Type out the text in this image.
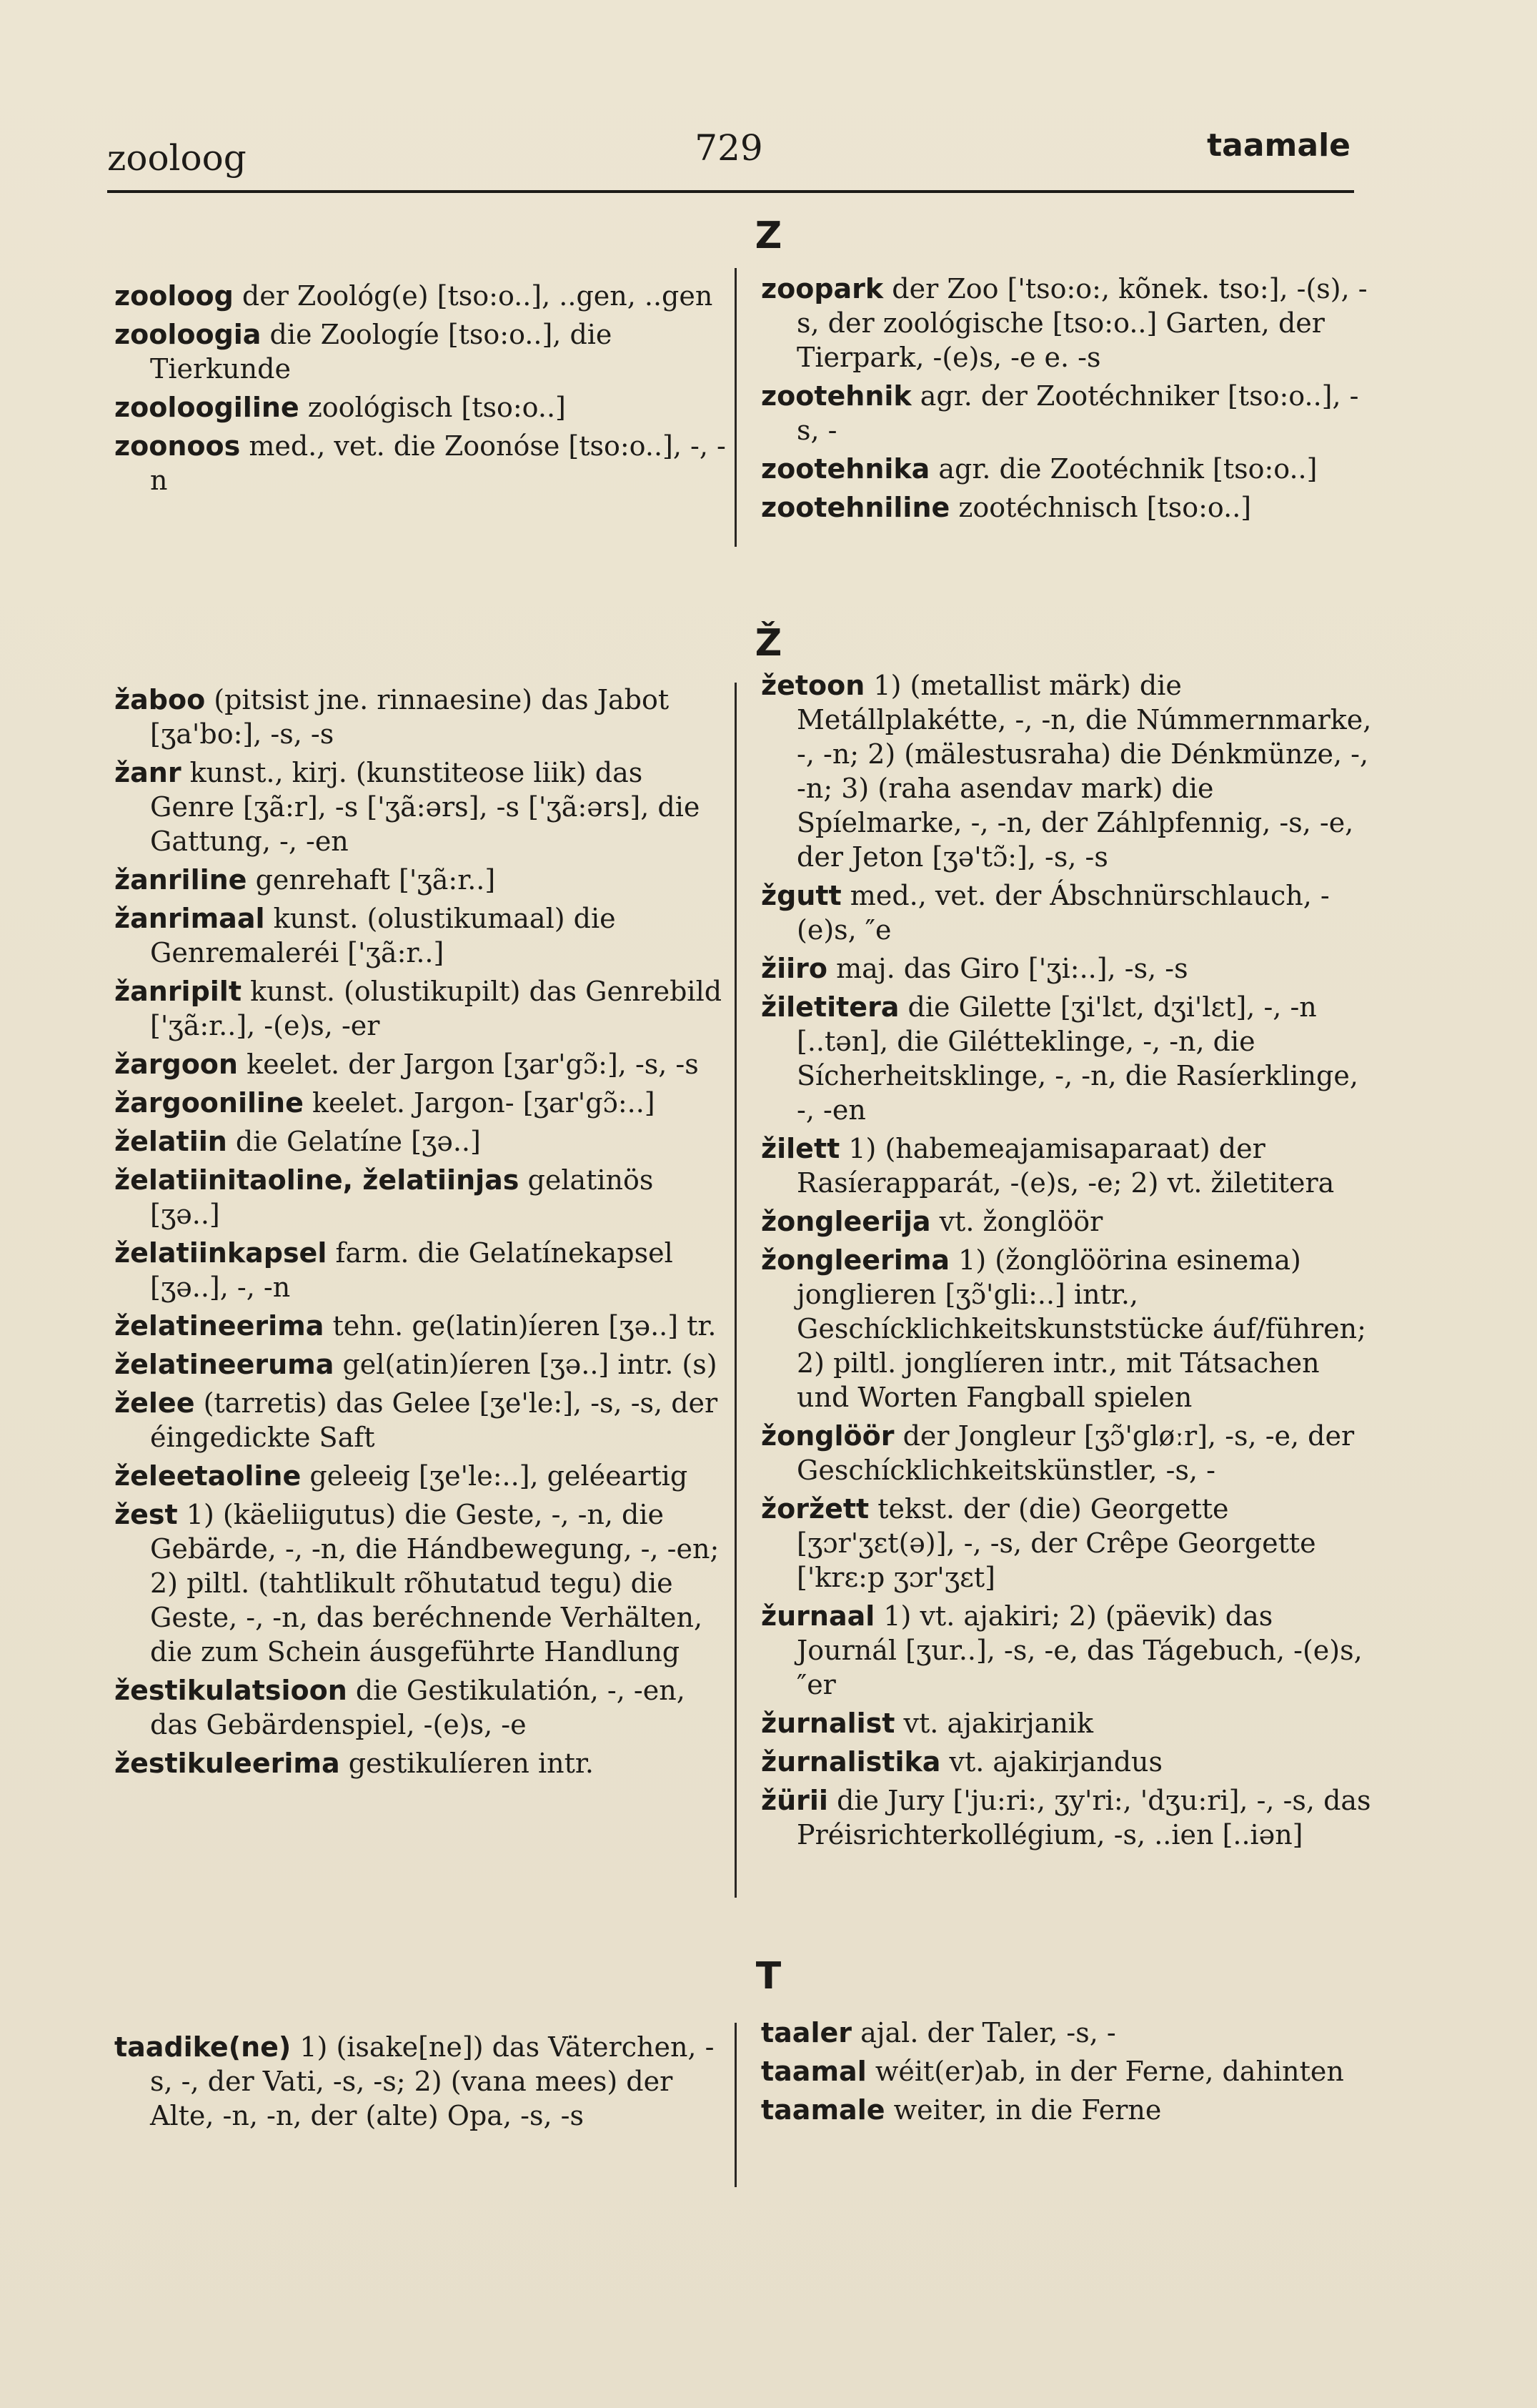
zooloog	729	taamale
Z
zooloog der Zoológ(e) [tso:o..], ..gen, ..gen
zooloogia die Zoologíe [tso:o..], die Tierkunde
zooloogiline zoológisch [tso:o..]
zoonoos med., vet. die Zoonóse [tso:o..], -, -n
zoopark der Zoo ['tso:o:, kõnek. tso:], -(s), -s, der zoológische [tso:o..] Garten, der Tierpark, -(e)s, -e e. -s
zootehnik agr. der Zootéchniker [tso:o..], -s, -
zootehnika agr. die Zootéchnik [tso:o..]
zootehniline zootéchnisch [tso:o..]
Ž
žaboo (pitsist jne. rinnaesine) das Jabot [ʒa'bo:], -s, -s
žanr kunst., kirj. (kunstiteose liik) das Genre [ʒã:r], -s ['ʒã:ərs], -s ['ʒã:ərs], die Gattung, -, -en
žanriline genrehaft ['ʒã:r..]
žanrimaal kunst. (olustikumaal) die Genremaleréi ['ʒã:r..]
žanripilt kunst. (olustikupilt) das Genrebild ['ʒã:r..], -(e)s, -er
žargoon keelet. der Jargon [ʒar'gɔ̃:], -s, -s
žargooniline keelet. Jargon- [ʒar'gɔ̃:..]
želatiin die Gelatíne [ʒə..]
želatiinitaoline, želatiinjas gelatinös [ʒə..]
želatiinkapsel farm. die Gelatínekapsel [ʒə..], -, -n
želatineerima tehn. ge(latin)íeren [ʒə..] tr.
želatineeruma gel(atin)íeren [ʒə..] intr. (s)
želee (tarretis) das Gelee [ʒe'le:], -s, -s, der éingedickte Saft
želeetaoline geleeig [ʒe'le:..], geléeartig
žest 1) (käeliigutus) die Geste, -, -n, die Gebärde, -, -n, die Hándbewegung, -, -en; 2) piltl. (tahtlikult rõhutatud tegu) die Geste, -, -n, das beréchnende Verhälten, die zum Schein áusgeführte Handlung
žestikulatsioon die Gestikulatión, -, -en, das Gebärdenspiel, -(e)s, -e
žestikuleerima gestikulíeren intr.
žetoon 1) (metallist märk) die Metállplakétte, -, -n, die Númmernmarke, -, -n; 2) (mälestusraha) die Dénkmünze, -, -n; 3) (raha asendav mark) die Spíelmarke, -, -n, der Záhlpfennig, -s, -e, der Jeton [ʒə'tɔ̃:], -s, -s
žgutt med., vet. der Ábschnürschlauch, -(e)s, ″e
žiiro maj. das Giro ['ʒi:..], -s, -s
žiletitera die Gilette [ʒi'lɛt, dʒi'lɛt], -, -n [..tən], die Gilétteklinge, -, -n, die Sícherheitsklinge, -, -n, die Rasíerklinge, -, -en
žilett 1) (habemeajamisaparaat) der Rasíerapparát, -(e)s, -e; 2) vt. žiletitera
žongleerija vt. žonglöör
žongleerima 1) (žonglöörina esinema) jonglieren [ʒɔ̃'gli:..] intr., Geschícklichkeitskunststücke áuf/führen; 2) piltl. jonglíeren intr., mit Tátsachen und Worten Fangball spielen
žonglöör der Jongleur [ʒɔ̃'gløːr], -s, -e, der Geschícklichkeitskünstler, -s, -
žoržett tekst. der (die) Georgette [ʒɔr'ʒɛt(ə)], -, -s, der Crêpe Georgette ['krɛ:p ʒɔr'ʒɛt]
žurnaal 1) vt. ajakiri; 2) (päevik) das Journál [ʒur..], -s, -e, das Tágebuch, -(e)s, ″er
žurnalist vt. ajakirjanik
žurnalistika vt. ajakirjandus
žürii die Jury ['ju:ri:, ʒy'ri:, 'dʒu:ri], -, -s, das Préisrichterkollégium, -s, ..ien [..iən]
T
taadike(ne) 1) (isake[ne]) das Väterchen, -s, -, der Vati, -s, -s; 2) (vana mees) der Alte, -n, -n, der (alte) Opa, -s, -s
taaler ajal. der Taler, -s, -
taamal wéit(er)ab, in der Ferne, dahinten
taamale weiter, in die Ferne
